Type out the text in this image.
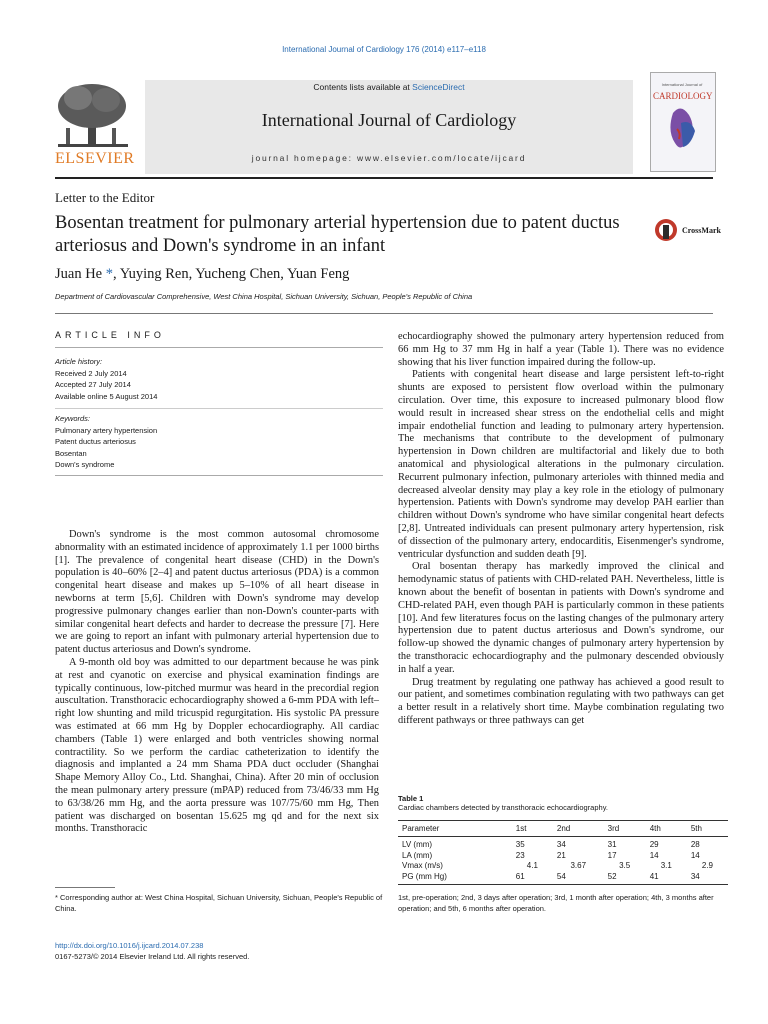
International Journal of Cardiology 176 (2014) e117–e118
ELSEVIER
Contents lists available at ScienceDirect
International Journal of Cardiology
journal homepage: www.elsevier.com/locate/ijcard
International Journal of
CARDIOLOGY
Letter to the Editor
Bosentan treatment for pulmonary arterial hypertension due to patent ductus arteriosus and Down's syndrome in an infant
CrossMark
Juan He *, Yuying Ren, Yucheng Chen, Yuan Feng
Department of Cardiovascular Comprehensive, West China Hospital, Sichuan University, Sichuan, People's Republic of China
ARTICLE INFO
Article history:
Received 2 July 2014
Accepted 27 July 2014
Available online 5 August 2014
Keywords:
Pulmonary artery hypertension
Patent ductus arteriosus
Bosentan
Down's syndrome

Down's syndrome is the most common autosomal chromosome abnormality with an estimated incidence of approximately 1.1 per 1000 births [1]. The prevalence of congenital heart disease (CHD) in the Down's population is 40–60% [2–4] and patent ductus arteriosus (PDA) is a common congenital heart disease and makes up 5–10% of all heart disease in newborns at term [5,6]. Children with Down's syndrome may develop progressive pulmonary changes earlier than non-Down's counter-parts with similar congenital heart defects and harder to decrease the pressure [7]. Here we are going to report an infant with pulmonary arterial hypertension due to patent ductus arteriosus and Down's syndrome.

A 9-month old boy was admitted to our department because he was pink at rest and cyanotic on exercise and physical examination findings are typically continuous, low-pitched murmur was heard in the precordial region auscultation. Transthoracic echocardiography showed a 6-mm PDA with left–right low shunting and mild tricuspid regurgitation. His systolic PA pressure was estimated at 66 mm Hg by Doppler echocardiography. All cardiac chambers (Table 1) were enlarged and both ventricles showing normal contractility. So we perform the cardiac catheterization to identify the diagnosis and implanted a 24 mm Shama PDA duct occluder (Shanghai Shape Memory Alloy Co., Ltd. Shanghai, China). After 20 min of occlusion the mean pulmonary artery pressure (mPAP) reduced from 73/46/33 mm Hg to 63/38/26 mm Hg, and the aorta pressure was 107/75/60 mm Hg, Then patient was discharged on bosentan 15.625 mg qd and for the next six months. Transthoracic

echocardiography showed the pulmonary artery hypertension reduced from 66 mm Hg to 37 mm Hg in half a year (Table 1). There was no evidence showing that his liver function impaired during the follow-up.

Patients with congenital heart disease and large persistent left-to-right shunts are exposed to persistent flow overload within the pulmonary circulation. Over time, this exposure to increased pulmonary blood flow would result in increased shear stress on the endothelial cells and might impair endothelial function and leading to pulmonary artery hypertension. The mechanisms that contribute to the development of pulmonary hypertension in Down children are multifactorial and likely due to both anatomical and physiological alterations in the pulmonary circulation. Recurrent pulmonary infection, pulmonary arterioles with thinned media and decreased alveolar density may play a key role in the etiology of pulmonary hypertension. Patients with Down's syndrome may develop PAH earlier than children without Down's syndrome who have similar congenital heart defects [2,8]. Untreated individuals can present pulmonary artery hypertension, risk of dissection of the pulmonary artery, endocarditis, Eisenmenger's syndrome, ventricular dysfunction and sudden death [9].

Oral bosentan therapy has markedly improved the clinical and hemodynamic status of patients with CHD-related PAH. Nevertheless, little is known about the benefit of bosentan in patients with Down's syndrome and CHD-related PAH, even though PAH is particularly common in these patients [10]. And few literatures focus on the lasting changes of the pulmonary artery hypertension due to patent ductus arteriosus and Down's syndrome, our follow-up showed the dynamic changes of pulmonary artery hypertension by the transthoracic echocardiography and the pulmonary descended obviously in half a year.

Drug treatment by regulating one pathway has achieved a good result to our patient, and sometimes combination regulating with two pathways can get a better result in a relatively short time. Maybe combination regulating two different pathways or three pathways can get

Table 1
Cardiac chambers detected by transthoracic echocardiography.
Parameter	1st	2nd	3rd	4th	5th
LV (mm)	35	34	31	29	28
LA (mm)	23	21	17	14	14
Vmax (m/s)	4.1	3.67	3.5	3.1	2.9
PG (mm Hg)	61	54	52	41	34
1st, pre-operation; 2nd, 3 days after operation; 3rd, 1 month after operation; 4th, 3 months after operation; and 5th, 6 months after operation.
* Corresponding author at: West China Hospital, Sichuan University, Sichuan, People's Republic of China.
http://dx.doi.org/10.1016/j.ijcard.2014.07.238
0167-5273/© 2014 Elsevier Ireland Ltd. All rights reserved.
